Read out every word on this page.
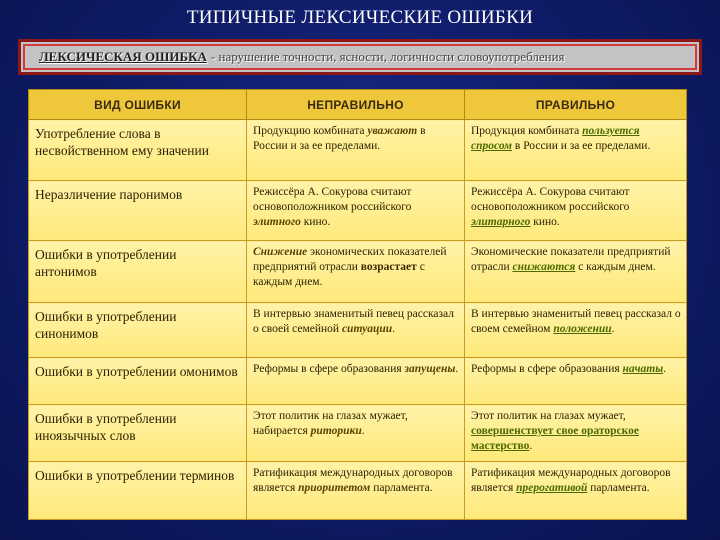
ТИПИЧНЫЕ ЛЕКСИЧЕСКИЕ ОШИБКИ
ЛЕКСИЧЕСКАЯ ОШИБКА - нарушение точности, ясности, логичности словоупотребления
ВИД ОШИБКИ	НЕПРАВИЛЬНО	ПРАВИЛЬНО
Употребление слова в несвойственном ему значении	Продукцию комбината уважают в России и за ее пределами.	Продукция комбината пользуется спросом в России и за ее пределами.
Неразличение паронимов	Режиссёра А. Сокурова считают основоположником российского элитного кино.	Режиссёра А. Сокурова считают основоположником российского элитарного кино.
Ошибки в употреблении антонимов	Снижение экономических показателей предприятий отрасли возрастает с каждым днем.	Экономические показатели предприятий отрасли снижаются с каждым днем.
Ошибки в употреблении синонимов	В интервью знаменитый певец рассказал о своей семейной ситуации.	В интервью знаменитый певец рассказал о своем семейном положении.
Ошибки в употреблении омонимов	Реформы в сфере образования запущены.	Реформы в сфере образования начаты.
Ошибки в употреблении иноязычных слов	Этот политик на глазах мужает, набирается риторики.	Этот политик на глазах мужает, совершенствует свое ораторское мастерство.
Ошибки в употреблении терминов	Ратификация международных договоров является приоритетом парламента.	Ратификация международных договоров является прерогативой парламента.
